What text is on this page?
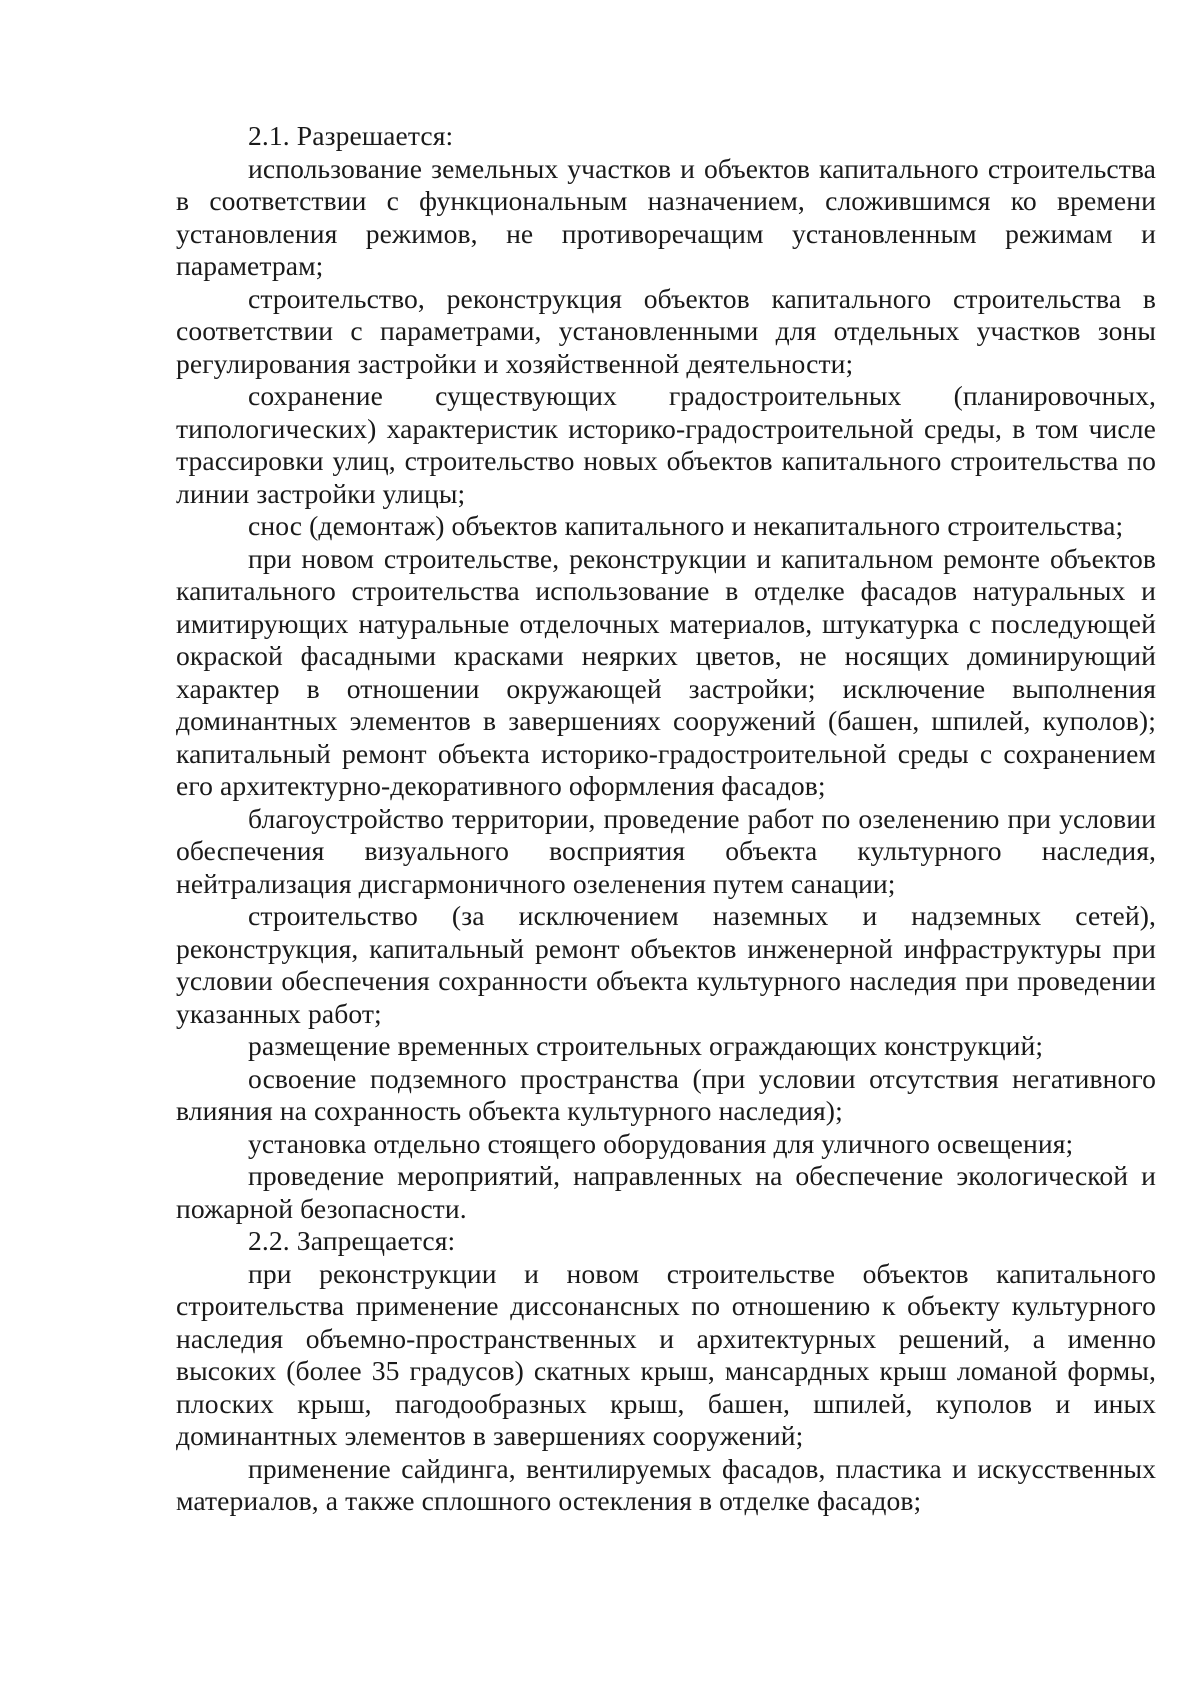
2.1. Разрешается:

использование земельных участков и объектов капитального строительства в соответствии с функциональным назначением, сложившимся ко времени установления режимов, не противоречащим установленным режимам и параметрам;

строительство, реконструкция объектов капитального строительства в соответствии с параметрами, установленными для отдельных участков зоны регулирования застройки и хозяйственной деятельности;

сохранение существующих градостроительных (планировочных, типологических) характеристик историко-градостроительной среды, в том числе трассировки улиц, строительство новых объектов капитального строительства по линии застройки улицы;

снос (демонтаж) объектов капитального и некапитального строительства;

при новом строительстве, реконструкции и капитальном ремонте объектов капитального строительства использование в отделке фасадов натуральных и имитирующих натуральные отделочных материалов, штукатурка с последующей окраской фасадными красками неярких цветов, не носящих доминирующий характер в отношении окружающей застройки; исключение выполнения доминантных элементов в завершениях сооружений (башен, шпилей, куполов); капитальный ремонт объекта историко-градостроительной среды с сохранением его архитектурно-декоративного оформления фасадов;

благоустройство территории, проведение работ по озеленению при условии обеспечения визуального восприятия объекта культурного наследия, нейтрализация дисгармоничного озеленения путем санации;

строительство (за исключением наземных и надземных сетей), реконструкция, капитальный ремонт объектов инженерной инфраструктуры при условии обеспечения сохранности объекта культурного наследия при проведении указанных работ;

размещение временных строительных ограждающих конструкций;

освоение подземного пространства (при условии отсутствия негативного влияния на сохранность объекта культурного наследия);

установка отдельно стоящего оборудования для уличного освещения;

проведение мероприятий, направленных на обеспечение экологической и пожарной безопасности.

2.2. Запрещается:

при реконструкции и новом строительстве объектов капитального строительства применение диссонансных по отношению к объекту культурного наследия объемно-пространственных и архитектурных решений, а именно высоких (более 35 градусов) скатных крыш, мансардных крыш ломаной формы, плоских крыш, пагодообразных крыш, башен, шпилей, куполов и иных доминантных элементов в завершениях сооружений;

применение сайдинга, вентилируемых фасадов, пластика и искусственных материалов, а также сплошного остекления в отделке фасадов;
